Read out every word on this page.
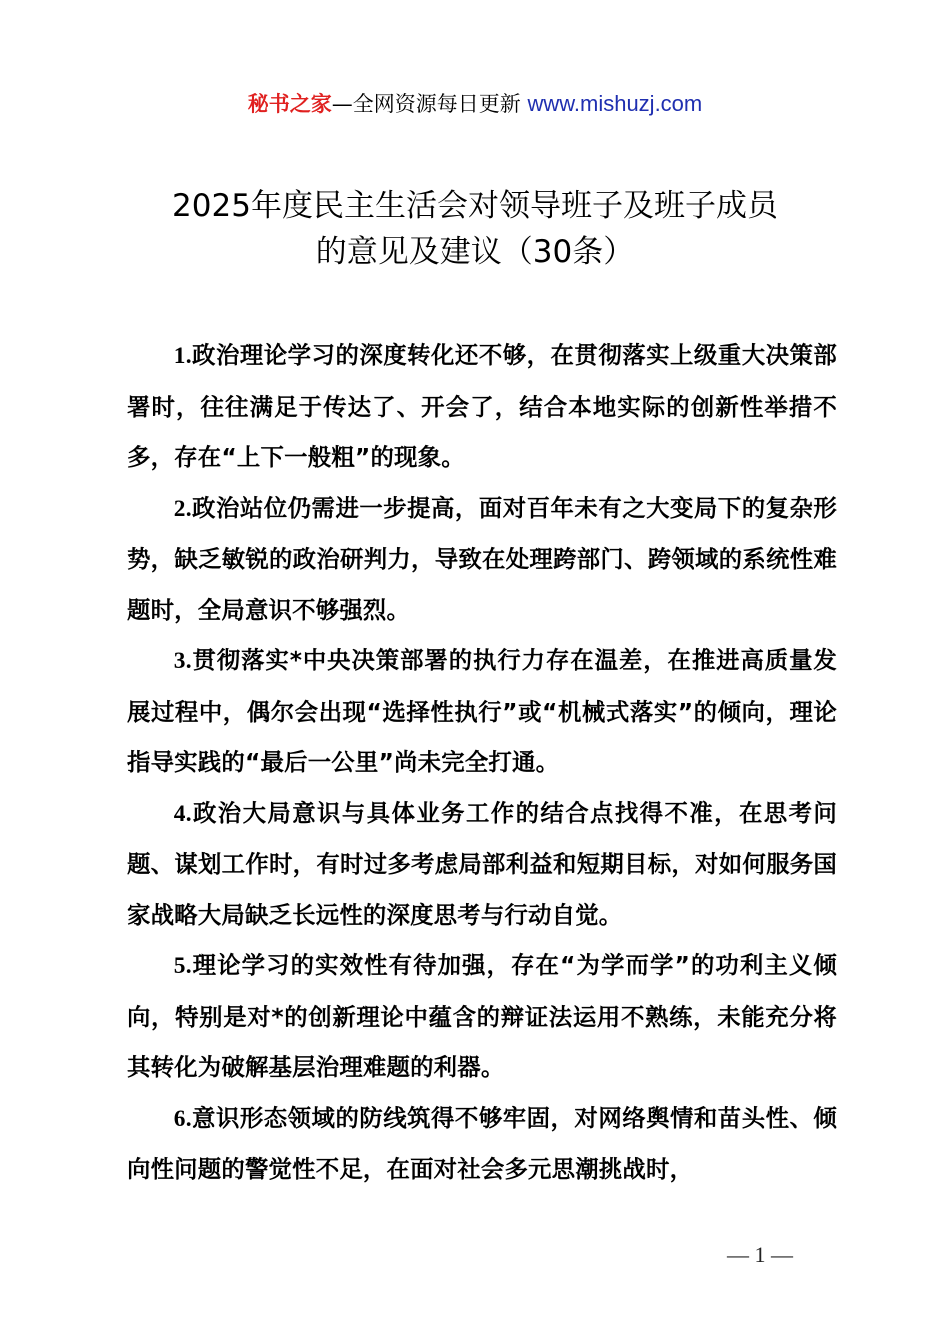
秘书之家—全网资源每日更新 www.mishuzj.com
2025年度民主生活会对领导班子及班子成员
的意见及建议（30条）

1.政治理论学习的深度转化还不够，在贯彻落实上级重大决策部署时，往往满足于传达了、开会了，结合本地实际的创新性举措不多，存在“上下一般粗”的现象。

2.政治站位仍需进一步提高，面对百年未有之大变局下的复杂形势，缺乏敏锐的政治研判力，导致在处理跨部门、跨领域的系统性难题时，全局意识不够强烈。

3.贯彻落实*中央决策部署的执行力存在温差，在推进高质量发展过程中，偶尔会出现“选择性执行”或“机械式落实”的倾向，理论指导实践的“最后一公里”尚未完全打通。

4.政治大局意识与具体业务工作的结合点找得不准，在思考问题、谋划工作时，有时过多考虑局部利益和短期目标，对如何服务国家战略大局缺乏长远性的深度思考与行动自觉。

5.理论学习的实效性有待加强，存在“为学而学”的功利主义倾向，特别是对*的创新理论中蕴含的辩证法运用不熟练，未能充分将其转化为破解基层治理难题的利器。

6.意识形态领域的防线筑得不够牢固，对网络舆情和苗头性、倾向性问题的警觉性不足，在面对社会多元思潮挑战时，

— 1 —
